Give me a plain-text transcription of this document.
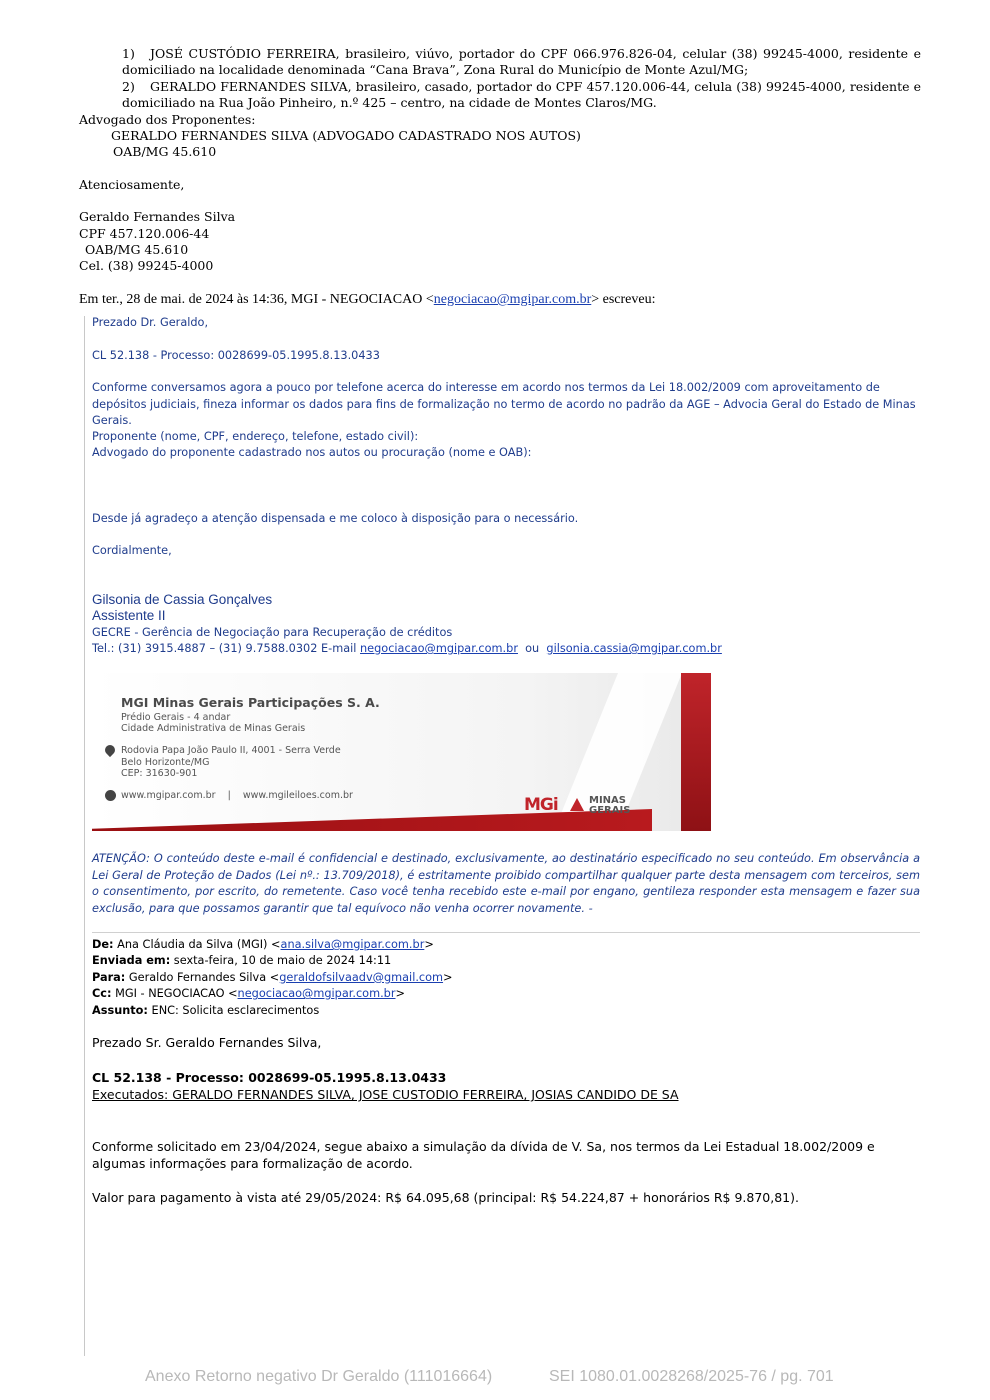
1) JOSÉ CUSTÓDIO FERREIRA, brasileiro, viúvo, portador do CPF 066.976.826-04, celular (38) 99245-4000, residente e domiciliado na localidade denominada “Cana Brava”, Zona Rural do Município de Monte Azul/MG;
2) GERALDO FERNANDES SILVA, brasileiro, casado, portador do CPF 457.120.006-44, celula (38) 99245-4000, residente e domiciliado na Rua João Pinheiro, n.º 425 – centro, na cidade de Montes Claros/MG.
Advogado dos Proponentes:
GERALDO FERNANDES SILVA (ADVOGADO CADASTRADO NOS AUTOS)
OAB/MG 45.610
Atenciosamente,
Geraldo Fernandes Silva
CPF 457.120.006-44
OAB/MG 45.610
Cel. (38) 99245-4000
Em ter., 28 de mai. de 2024 às 14:36, MGI - NEGOCIACAO <negociacao@mgipar.com.br> escreveu:
Prezado Dr. Geraldo,
CL 52.138 - Processo: 0028699-05.1995.8.13.0433
Conforme conversamos agora a pouco por telefone acerca do interesse em acordo nos termos da Lei 18.002/2009 com aproveitamento de depósitos judiciais, fineza informar os dados para fins de formalização no termo de acordo no padrão da AGE – Advocia Geral do Estado de Minas Gerais.
Proponente (nome, CPF, endereço, telefone, estado civil):
Advogado do proponente cadastrado nos autos ou procuração (nome e OAB):
Desde já agradeço a atenção dispensada e me coloco à disposição para o necessário.
Cordialmente,
Gilsonia de Cassia Gonçalves
Assistente II
GECRE - Gerência de Negociação para Recuperação de créditos
Tel.: (31) 3915.4887 – (31) 9.7588.0302 E-mail negociacao@mgipar.com.br  ou  gilsonia.cassia@mgipar.com.br
MGI Minas Gerais Participações S. A.
Prédio Gerais - 4 andar
Cidade Administrativa de Minas Gerais
Rodovia Papa João Paulo II, 4001 - Serra Verde
Belo Horizonte/MG
CEP: 31630-901
www.mgipar.com.br    |    www.mgileiloes.com.br	MGi	MINAS
GERAIS
ATENÇÃO: O conteúdo deste e-mail é confidencial e destinado, exclusivamente, ao destinatário especificado no seu conteúdo. Em observância a Lei Geral de Proteção de Dados (Lei nº.: 13.709/2018), é estritamente proibido compartilhar qualquer parte desta mensagem com terceiros, sem o consentimento, por escrito, do remetente. Caso você tenha recebido este e-mail por engano, gentileza responder esta mensagem e fazer sua exclusão, para que possamos garantir que tal equívoco não venha ocorrer novamente. -
De: Ana Cláudia da Silva (MGI) <ana.silva@mgipar.com.br>
Enviada em: sexta-feira, 10 de maio de 2024 14:11
Para: Geraldo Fernandes Silva <geraldofsilvaadv@gmail.com>
Cc: MGI - NEGOCIACAO <negociacao@mgipar.com.br>
Assunto: ENC: Solicita esclarecimentos
Prezado Sr. Geraldo Fernandes Silva,
CL 52.138 - Processo: 0028699-05.1995.8.13.0433
Executados: GERALDO FERNANDES SILVA, JOSE CUSTODIO FERREIRA, JOSIAS CANDIDO DE SA
Conforme solicitado em 23/04/2024, segue abaixo a simulação da dívida de V. Sa, nos termos da Lei Estadual 18.002/2009 e algumas informações para formalização de acordo.
Valor para pagamento à vista até 29/05/2024: R$ 64.095,68 (principal: R$ 54.224,87 + honorários R$ 9.870,81).
Anexo Retorno negativo Dr Geraldo (111016664)	SEI 1080.01.0028268/2025-76 / pg. 701
